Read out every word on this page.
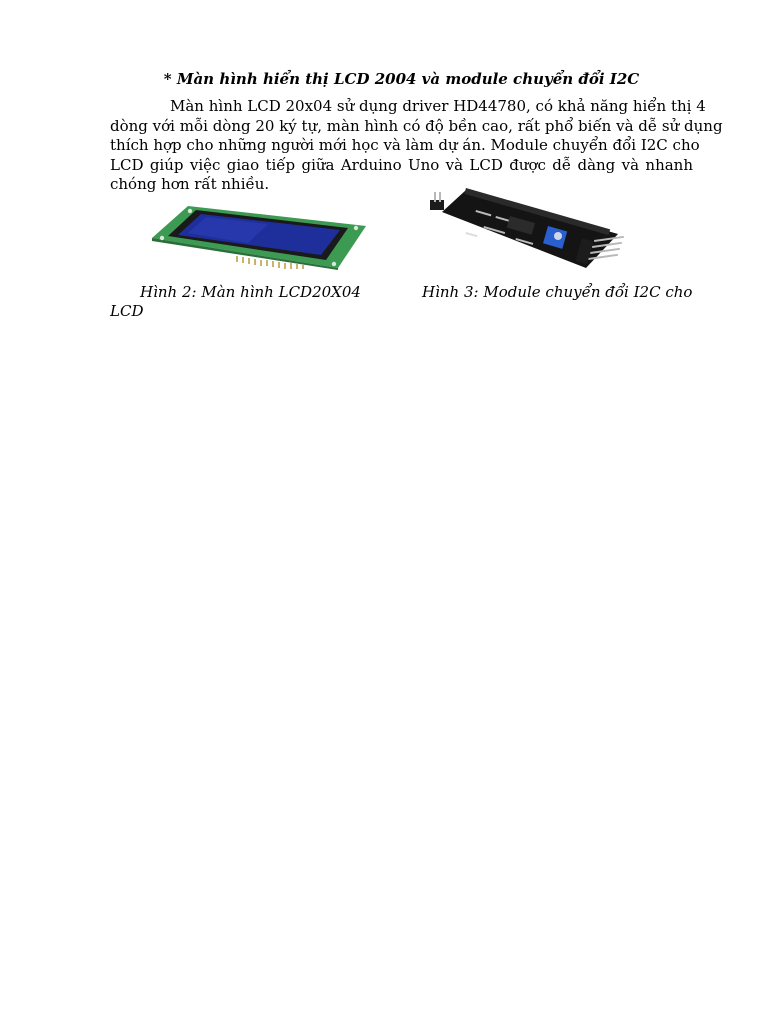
* Màn hình hiển thị LCD 2004 và module chuyển đổi I2C
Màn hình LCD 20x04 sử dụng driver HD44780, có khả năng hiển thị 4
dòng với mỗi dòng 20 ký tự, màn hình có độ bền cao, rất phổ biến và dễ sử dụng
thích hợp cho những người mới học và làm dự án. Module chuyển đổi I2C cho
LCD giúp việc giao tiếp giữa Arduino Uno và LCD được dễ dàng và nhanh
chóng hơn rất nhiều.
Hình 2: Màn hình LCD20X04	Hình 3: Module chuyển đổi I2C cho
LCD
